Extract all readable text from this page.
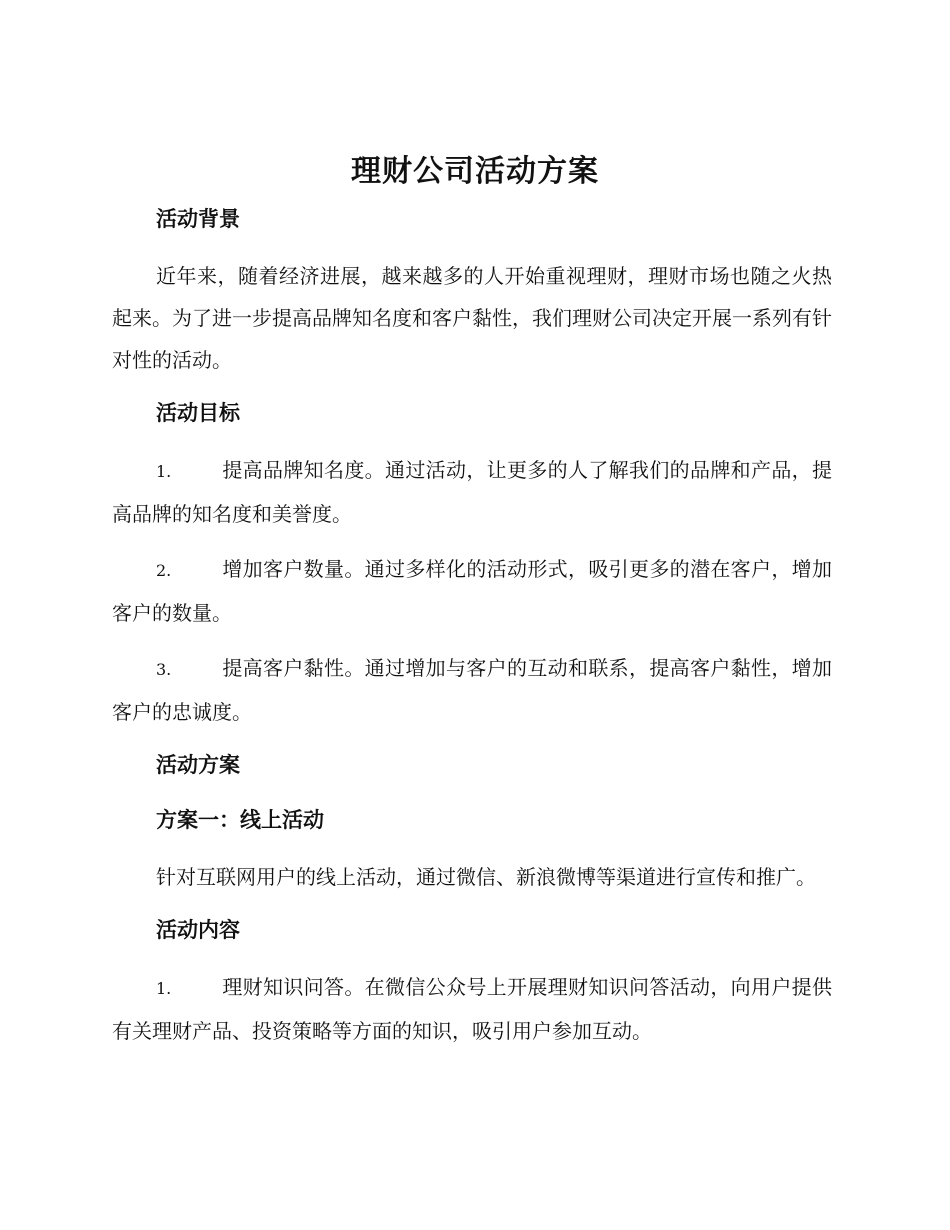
理财公司活动方案

活动背景

近年来，随着经济进展，越来越多的人开始重视理财，理财市场也随之火热起来。为了进一步提高品牌知名度和客户黏性，我们理财公司决定开展一系列有针对性的活动。

活动目标

1.	提高品牌知名度。通过活动，让更多的人了解我们的品牌和产品，提高品牌的知名度和美誉度。

2.	增加客户数量。通过多样化的活动形式，吸引更多的潜在客户，增加客户的数量。

3.	提高客户黏性。通过增加与客户的互动和联系，提高客户黏性，增加客户的忠诚度。

活动方案

方案一：线上活动

针对互联网用户的线上活动，通过微信、新浪微博等渠道进行宣传和推广。

活动内容

1.	理财知识问答。在微信公众号上开展理财知识问答活动，向用户提供有关理财产品、投资策略等方面的知识，吸引用户参加互动。
